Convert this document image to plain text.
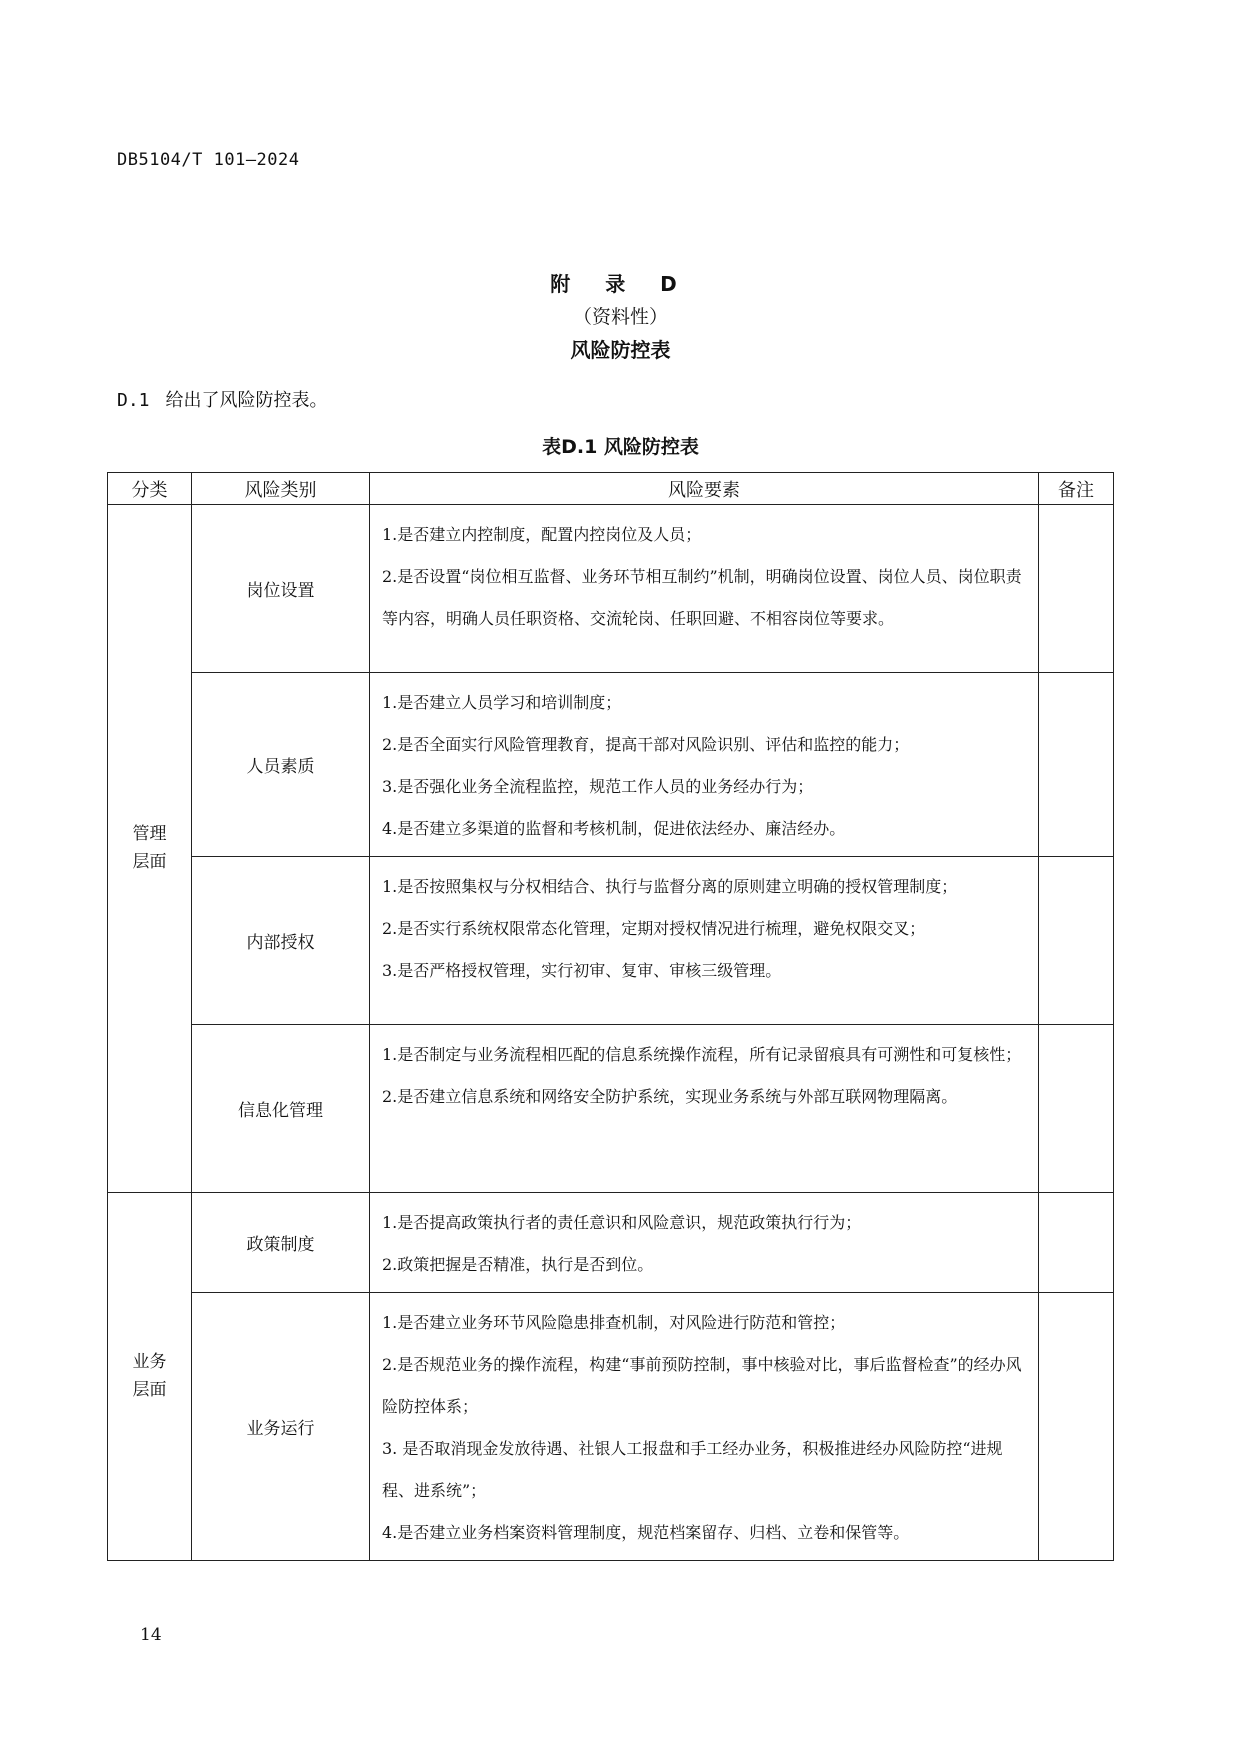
DB5104/T 101—2024
附 录 D
（资料性）
风险防控表
D.1 给出了风险防控表。
表D.1 风险防控表
分类	风险类别	风险要素	备注
管理层面	岗位设置	1.是否建立内控制度，配置内控岗位及人员；
2.是否设置“岗位相互监督、业务环节相互制约”机制，明确岗位设置、岗位人员、岗位职责等内容，明确人员任职资格、交流轮岗、任职回避、不相容岗位等要求。	

	人员素质	1.是否建立人员学习和培训制度；
2.是否全面实行风险管理教育，提高干部对风险识别、评估和监控的能力；
3.是否强化业务全流程监控，规范工作人员的业务经办行为；
4.是否建立多渠道的监督和考核机制，促进依法经办、廉洁经办。	

	内部授权	1.是否按照集权与分权相结合、执行与监督分离的原则建立明确的授权管理制度；
2.是否实行系统权限常态化管理，定期对授权情况进行梳理，避免权限交叉；
3.是否严格授权管理，实行初审、复审、审核三级管理。	

	信息化管理	1.是否制定与业务流程相匹配的信息系统操作流程，所有记录留痕具有可溯性和可复核性；
2.是否建立信息系统和网络安全防护系统，实现业务系统与外部互联网物理隔离。	

业务层面	政策制度	1.是否提高政策执行者的责任意识和风险意识，规范政策执行行为；
2.政策把握是否精准，执行是否到位。	

	业务运行	1.是否建立业务环节风险隐患排查机制，对风险进行防范和管控；
2.是否规范业务的操作流程，构建“事前预防控制，事中核验对比，事后监督检查”的经办风险防控体系；
3. 是否取消现金发放待遇、社银人工报盘和手工经办业务，积极推进经办风险防控“进规程、进系统”；
4.是否建立业务档案资料管理制度，规范档案留存、归档、立卷和保管等。	

14
